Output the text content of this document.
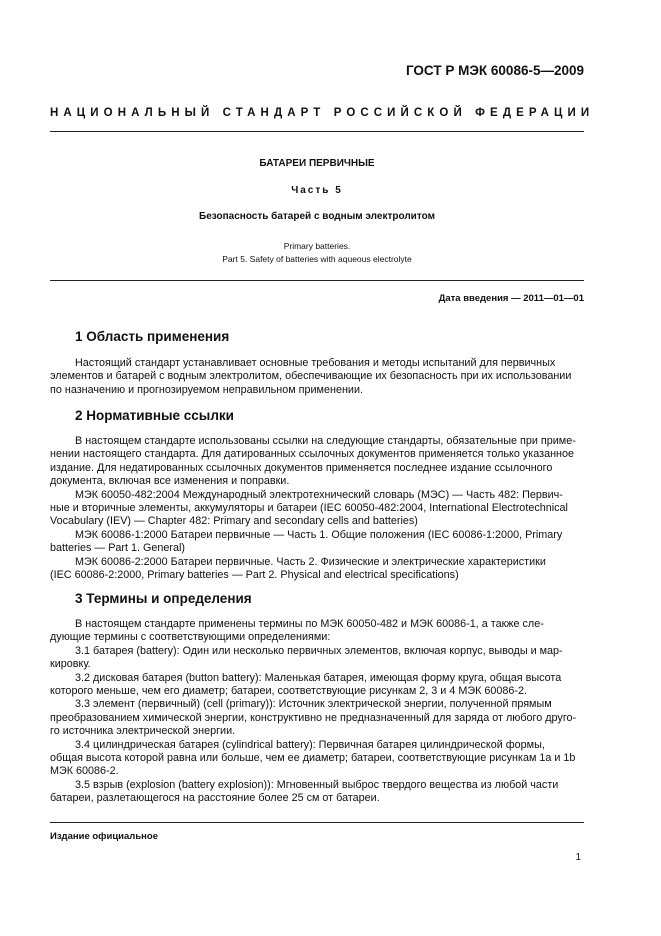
ГОСТ Р МЭК 60086-5—2009
НАЦИОНАЛЬНЫЙ СТАНДАРТ РОССИЙСКОЙ ФЕДЕРАЦИИ
БАТАРЕИ ПЕРВИЧНЫЕ
Часть 5
Безопасность батарей с водным электролитом
Primary batteries.
Part 5. Safety of batteries with aqueous electrolyte
Дата введения — 2011—01—01
1 Область применения
Настоящий стандарт устанавливает основные требования и методы испытаний для первичных
элементов и батарей с водным электролитом, обеспечивающие их безопасность при их использовании
по назначению и прогнозируемом неправильном применении.
2 Нормативные ссылки
В настоящем стандарте использованы ссылки на следующие стандарты, обязательные при приме-
нении настоящего стандарта. Для датированных ссылочных документов применяется только указанное
издание. Для недатированных ссылочных документов применяется последнее издание ссылочного
документа, включая все изменения и поправки.
МЭК 60050-482:2004 Международный электротехнический словарь (МЭС) — Часть 482: Первич-
ные и вторичные элементы, аккумуляторы и батареи (IEC 60050-482:2004, International Electrotechnical
Vocabulary (IEV) — Chapter 482: Primary and secondary cells and batteries)
МЭК 60086-1:2000 Батареи первичные — Часть 1. Общие положения (IEC 60086-1:2000, Primary
batteries — Part 1. General)
МЭК 60086-2:2000 Батареи первичные. Часть 2. Физические и электрические характеристики
(IEC 60086-2:2000, Primary batteries — Part 2. Physical and electrical specifications)
3 Термины и определения
В настоящем стандарте применены термины по МЭК 60050-482 и МЭК 60086-1, а также сле-
дующие термины с соответствующими определениями:
3.1 батарея (battery): Один или несколько первичных элементов, включая корпус, выводы и мар-
кировку.
3.2 дисковая батарея (button battery): Маленькая батарея, имеющая форму круга, общая высота
которого меньше, чем его диаметр; батареи, соответствующие рисункам 2, 3 и 4 МЭК 60086-2.
3.3 элемент (первичный) (cell (primary)): Источник электрической энергии, полученной прямым
преобразованием химической энергии, конструктивно не предназначенный для заряда от любого друго-
го источника электрической энергии.
3.4 цилиндрическая батарея (cylindrical battery): Первичная батарея цилиндрической формы,
общая высота которой равна или больше, чем ее диаметр; батареи, соответствующие рисункам 1a и 1b
МЭК 60086-2.
3.5 взрыв (explosion (battery explosion)): Мгновенный выброс твердого вещества из любой части
батареи, разлетающегося на расстояние более 25 см от батареи.
Издание официальное
1
